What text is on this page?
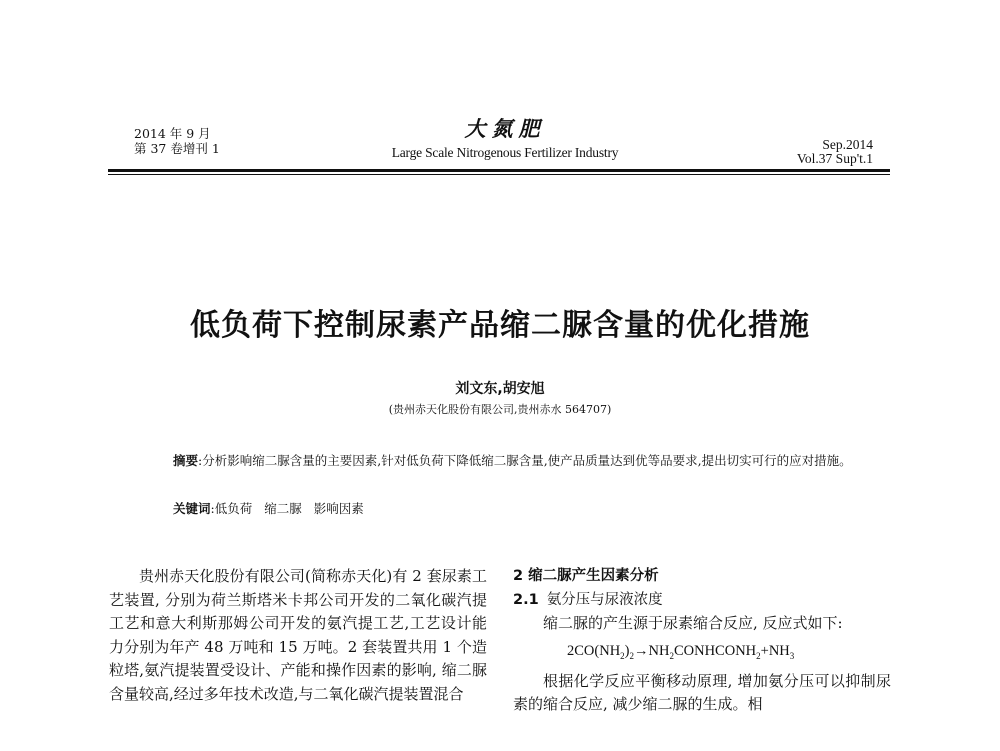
2014 年 9 月
第 37 卷增刊 1
大氮肥
Large Scale Nitrogenous Fertilizer Industry
Sep.2014
Vol.37 Sup't.1
低负荷下控制尿素产品缩二脲含量的优化措施
刘文东,胡安旭
(贵州赤天化股份有限公司,贵州赤水 564707)
摘要:分析影响缩二脲含量的主要因素,针对低负荷下降低缩二脲含量,使产品质量达到优等品要求,提出切实可行的应对措施。
关键词:低负荷 缩二脲 影响因素

贵州赤天化股份有限公司(简称赤天化)有 2 套尿素工艺装置, 分别为荷兰斯塔米卡邦公司开发的二氧化碳汽提工艺和意大利斯那姆公司开发的氨汽提工艺,工艺设计能力分别为年产 48 万吨和 15 万吨。2 套装置共用 1 个造粒塔,氨汽提装置受设计、产能和操作因素的影响, 缩二脲含量较高,经过多年技术改造,与二氧化碳汽提装置混合

2 缩二脲产生因素分析

2.1 氨分压与尿液浓度

缩二脲的产生源于尿素缩合反应, 反应式如下:

$2CO(NH_2)_2\to NH_2CONHCONH_2+NH_3$

根据化学反应平衡移动原理, 增加氨分压可以抑制尿素的缩合反应, 减少缩二脲的生成。相
